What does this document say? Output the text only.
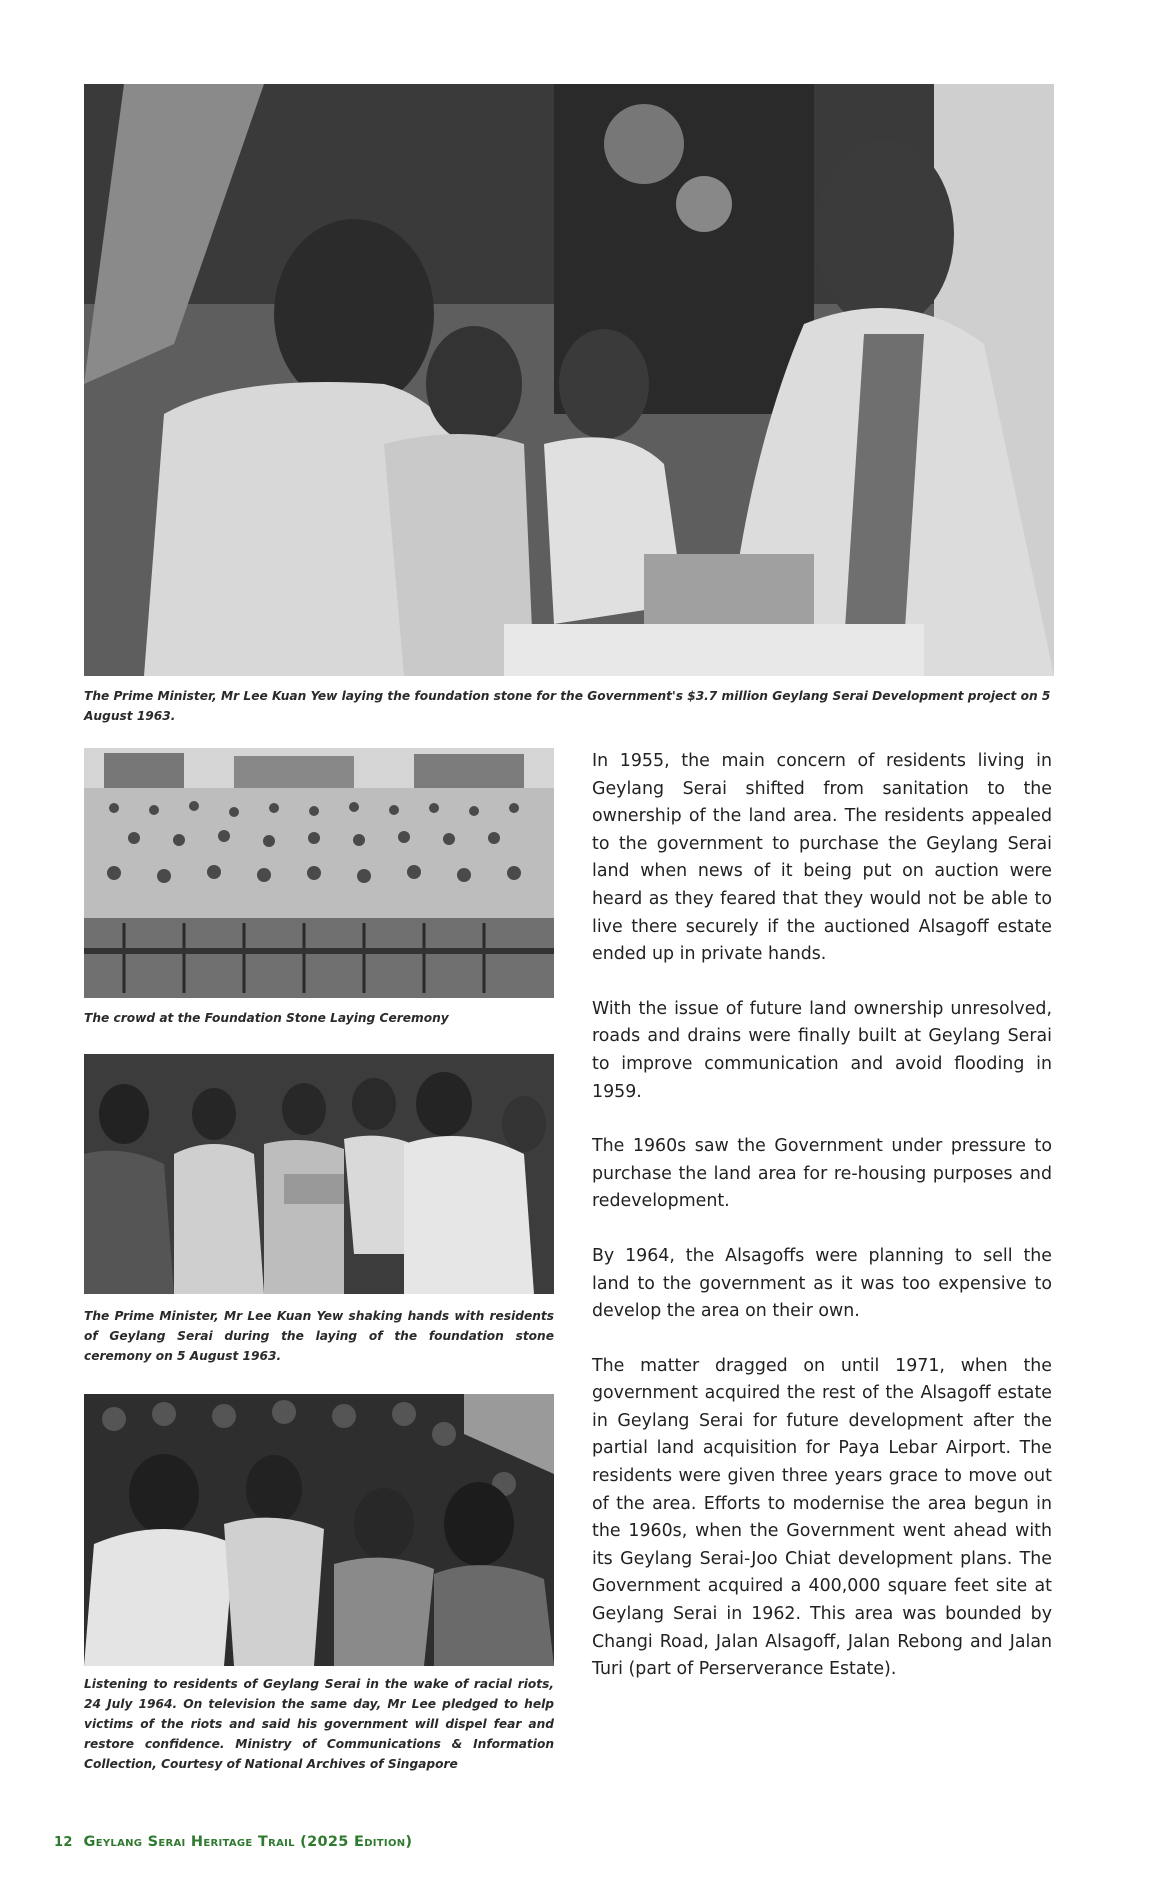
The Prime Minister, Mr Lee Kuan Yew laying the foundation stone for the Government's $3.7 million Geylang Serai Development project on 5 August 1963.

The crowd at the Foundation Stone Laying Ceremony

The Prime Minister, Mr Lee Kuan Yew shaking hands with residents of Geylang Serai during the laying of the foundation stone ceremony on 5 August 1963.

Listening to residents of Geylang Serai in the wake of racial riots, 24 July 1964. On television the same day, Mr Lee pledged to help victims of the riots and said his government will dispel fear and restore confidence. Ministry of Communications & Information Collection, Courtesy of National Archives of Singapore

In 1955, the main concern of residents living in Geylang Serai shifted from sanitation to the ownership of the land area. The residents appealed to the government to purchase the Geylang Serai land when news of it being put on auction were heard as they feared that they would not be able to live there securely if the auctioned Alsagoff estate ended up in private hands.

With the issue of future land ownership unresolved, roads and drains were finally built at Geylang Serai to improve communication and avoid flooding in 1959.

The 1960s saw the Government under pressure to purchase the land area for re-housing purposes and redevelopment.

By 1964, the Alsagoffs were planning to sell the land to the government as it was too expensive to develop the area on their own.

The matter dragged on until 1971, when the government acquired the rest of the Alsagoff estate in Geylang Serai for future development after the partial land acquisition for Paya Lebar Airport. The residents were given three years grace to move out of the area. Efforts to modernise the area begun in the 1960s, when the Government went ahead with its Geylang Serai-Joo Chiat development plans. The Government acquired a 400,000 square feet site at Geylang Serai in 1962. This area was bounded by Changi Road, Jalan Alsagoff, Jalan Rebong and Jalan Turi (part of Perserverance Estate).

12 Geylang Serai Heritage Trail (2025 Edition)
